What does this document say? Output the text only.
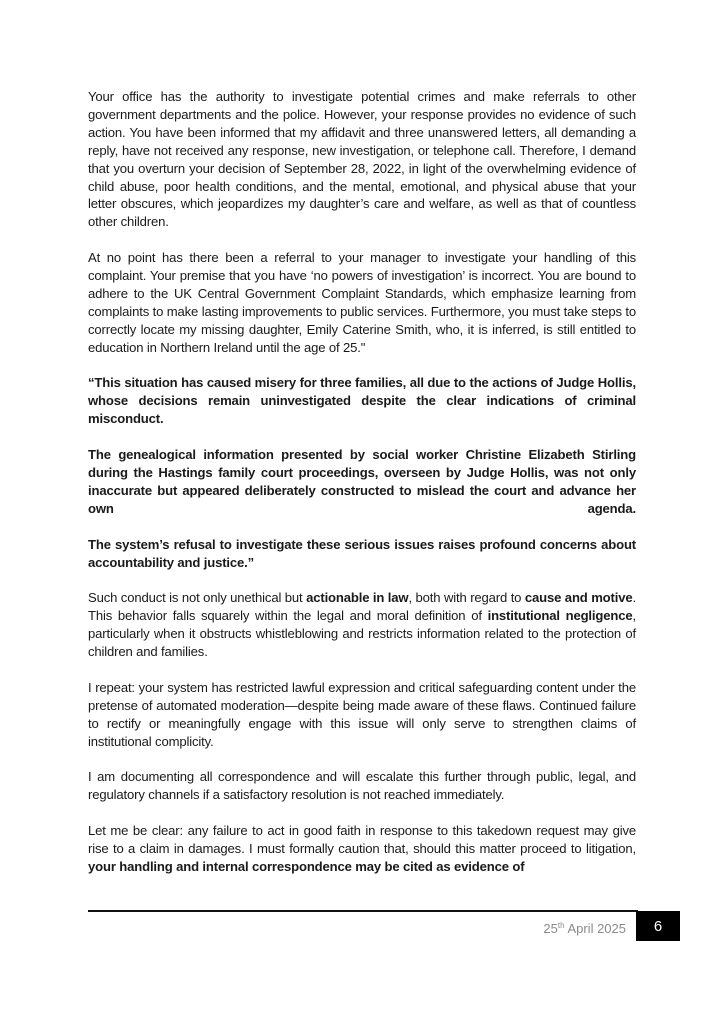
Your office has the authority to investigate potential crimes and make referrals to other government departments and the police. However, your response provides no evidence of such action. You have been informed that my affidavit and three unanswered letters, all demanding a reply, have not received any response, new investigation, or telephone call. Therefore, I demand that you overturn your decision of September 28, 2022, in light of the overwhelming evidence of child abuse, poor health conditions, and the mental, emotional, and physical abuse that your letter obscures, which jeopardizes my daughter’s care and welfare, as well as that of countless other children.

At no point has there been a referral to your manager to investigate your handling of this complaint. Your premise that you have ‘no powers of investigation’ is incorrect. You are bound to adhere to the UK Central Government Complaint Standards, which emphasize learning from complaints to make lasting improvements to public services. Furthermore, you must take steps to correctly locate my missing daughter, Emily Caterine Smith, who, it is inferred, is still entitled to education in Northern Ireland until the age of 25."

“This situation has caused misery for three families, all due to the actions of Judge Hollis, whose decisions remain uninvestigated despite the clear indications of criminal misconduct.

The genealogical information presented by social worker Christine Elizabeth Stirling during the Hastings family court proceedings, overseen by Judge Hollis, was not only inaccurate but appeared deliberately constructed to mislead the court and advance her own agenda.

The system’s refusal to investigate these serious issues raises profound concerns about accountability and justice.”

Such conduct is not only unethical but actionable in law, both with regard to cause and motive. This behavior falls squarely within the legal and moral definition of institutional negligence, particularly when it obstructs whistleblowing and restricts information related to the protection of children and families.

I repeat: your system has restricted lawful expression and critical safeguarding content under the pretense of automated moderation—despite being made aware of these flaws. Continued failure to rectify or meaningfully engage with this issue will only serve to strengthen claims of institutional complicity.

I am documenting all correspondence and will escalate this further through public, legal, and regulatory channels if a satisfactory resolution is not reached immediately.

Let me be clear: any failure to act in good faith in response to this takedown request may give rise to a claim in damages. I must formally caution that, should this matter proceed to litigation, your handling and internal correspondence may be cited as evidence of

25th April 2025 6
